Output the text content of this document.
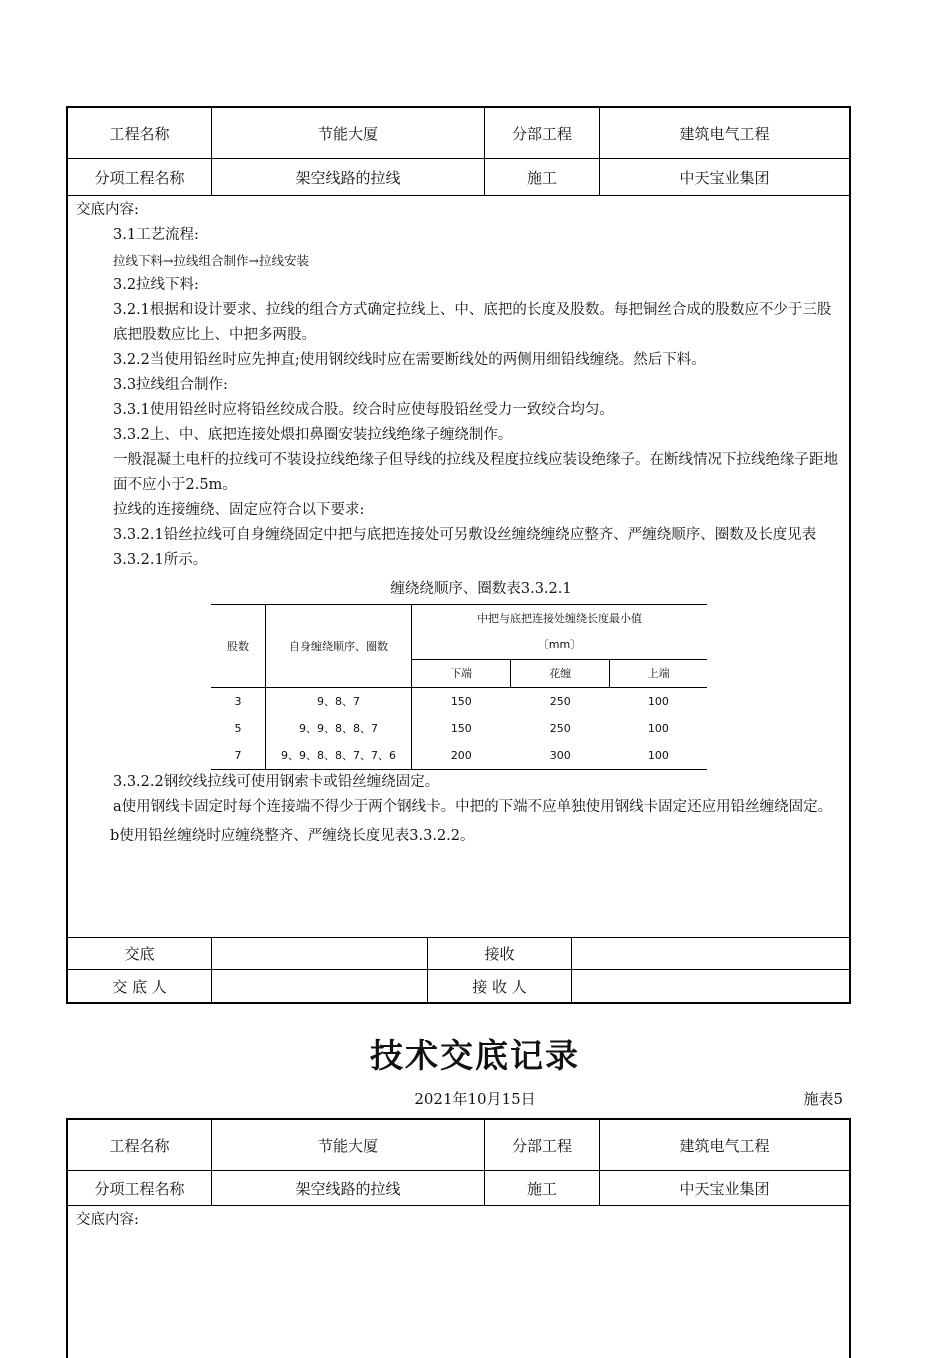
工程名称	节能大厦	分部工程	建筑电气工程
分项工程名称	架空线路的拉线	施工	中天宝业集团

交底内容:

3.1工艺流程:

拉线下料→拉线组合制作→拉线安装

3.2拉线下料:

3.2.1根据和设计要求、拉线的组合方式确定拉线上、中、底把的长度及股数。每把铜丝合成的股数应不少于三股底把股数应比上、中把多两股。

3.2.2当使用铅丝时应先抻直;使用钢绞线时应在需要断线处的两侧用细铅线缠绕。然后下料。

3.3拉线组合制作:

3.3.1使用铅丝时应将铅丝绞成合股。绞合时应使每股铅丝受力一致绞合均匀。

3.3.2上、中、底把连接处煨扣鼻圈安装拉线绝缘子缠绕制作。

一般混凝土电杆的拉线可不装设拉线绝缘子但导线的拉线及程度拉线应装设绝缘子。在断线情况下拉线绝缘子距地面不应小于2.5m。

拉线的连接缠绕、固定应符合以下要求:

3.3.2.1铅丝拉线可自身缠绕固定中把与底把连接处可另敷设丝缠绕缠绕应整齐、严缠绕顺序、圈数及长度见表3.3.2.1所示。

缠绕绕顺序、圈数表3.3.2.1

股数	自身缠绕顺序、圈数	中把与底把连接处缠绕长度最小值
〔mm〕		

		下端	花缠	上端
3	9、8、7	150	250	100
5	9、9、8、8、7	150	250	100
7	9、9、8、8、7、7、6	200	300	100

3.3.2.2钢绞线拉线可使用钢索卡或铅丝缠绕固定。

a使用钢线卡固定时每个连接端不得少于两个钢线卡。中把的下端不应单独使用钢线卡固定还应用铅丝缠绕固定。

b使用铅丝缠绕时应缠绕整齐、严缠绕长度见表3.3.2.2。

交底	接收
交 底 人	接 收 人
技术交底记录
2021年10月15日	施表5
工程名称	节能大厦	分部工程	建筑电气工程
分项工程名称	架空线路的拉线	施工	中天宝业集团

交底内容:
